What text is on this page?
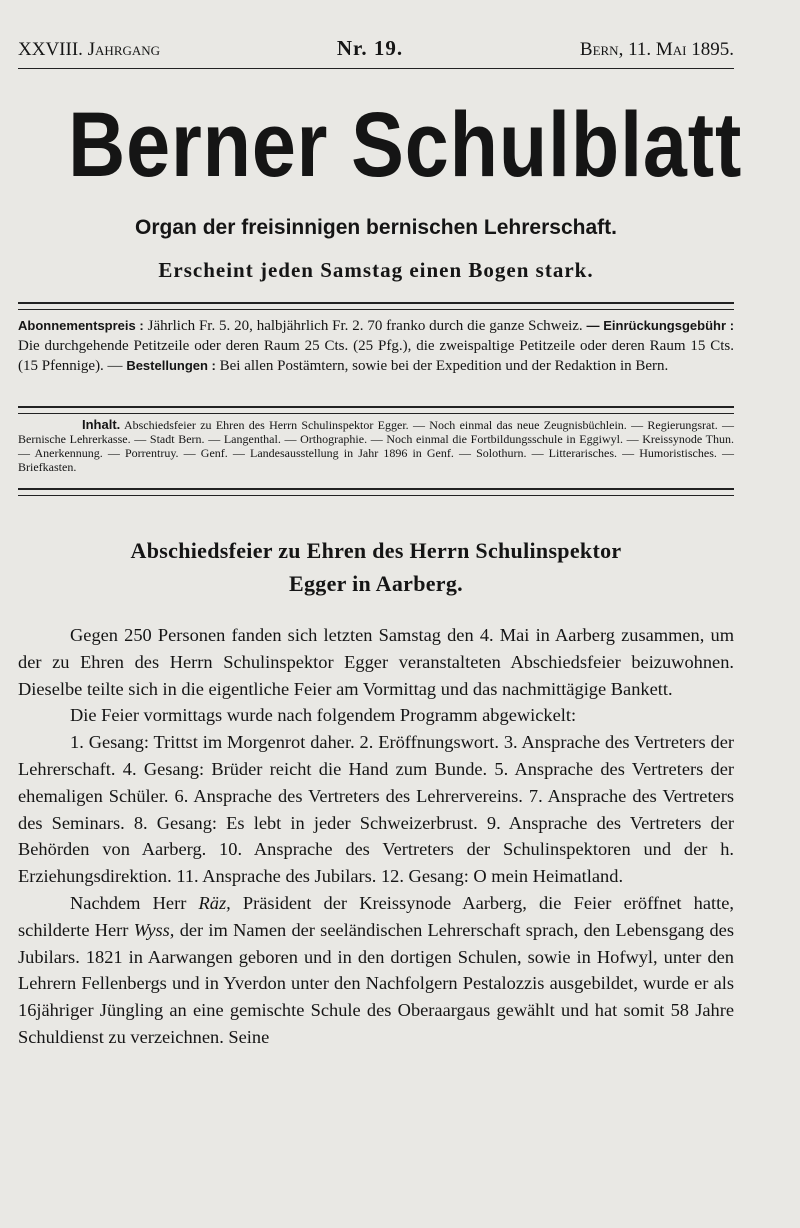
XXVIII. Jahrgang	Nr. 19.	Bern, 11. Mai 1895.
Berner Schulblatt
Organ der freisinnigen bernischen Lehrerschaft.
Erscheint jeden Samstag einen Bogen stark.
Abonnementspreis : Jährlich Fr. 5. 20, halbjährlich Fr. 2. 70 franko durch die ganze Schweiz. — Einrückungsgebühr : Die durchgehende Petitzeile oder deren Raum 25 Cts. (25 Pfg.), die zweispaltige Petitzeile oder deren Raum 15 Cts. (15 Pfennige). — Bestellungen : Bei allen Postämtern, sowie bei der Expedition und der Redaktion in Bern.
Inhalt. Abschiedsfeier zu Ehren des Herrn Schulinspektor Egger. — Noch einmal das neue Zeugnisbüchlein. — Regierungsrat. — Bernische Lehrerkasse. — Stadt Bern. — Langenthal. — Orthographie. — Noch einmal die Fortbildungsschule in Eggiwyl. — Kreissynode Thun. — Anerkennung. — Porrentruy. — Genf. — Landesausstellung in Jahr 1896 in Genf. — Solothurn. — Litterarisches. — Humoristisches. — Briefkasten.
Abschiedsfeier zu Ehren des Herrn Schulinspektor
Egger in Aarberg.

Gegen 250 Personen fanden sich letzten Samstag den 4. Mai in Aarberg zusammen, um der zu Ehren des Herrn Schulinspektor Egger veranstalteten Abschiedsfeier beizuwohnen. Dieselbe teilte sich in die eigentliche Feier am Vormittag und das nachmittägige Bankett.

Die Feier vormittags wurde nach folgendem Programm abgewickelt:

1. Gesang: Trittst im Morgenrot daher. 2. Eröffnungswort. 3. Ansprache des Vertreters der Lehrerschaft. 4. Gesang: Brüder reicht die Hand zum Bunde. 5. Ansprache des Vertreters der ehemaligen Schüler. 6. Ansprache des Vertreters des Lehrervereins. 7. Ansprache des Vertreters des Seminars. 8. Gesang: Es lebt in jeder Schweizerbrust. 9. Ansprache des Vertreters der Behörden von Aarberg. 10. Ansprache des Vertreters der Schulinspektoren und der h. Erziehungsdirektion. 11. Ansprache des Jubilars. 12. Gesang: O mein Heimatland.

Nachdem Herr Räz, Präsident der Kreissynode Aarberg, die Feier eröffnet hatte, schilderte Herr Wyss, der im Namen der seeländischen Lehrerschaft sprach, den Lebensgang des Jubilars. 1821 in Aarwangen geboren und in den dortigen Schulen, sowie in Hofwyl, unter den Lehrern Fellenbergs und in Yverdon unter den Nachfolgern Pestalozzis ausgebildet, wurde er als 16jähriger Jüngling an eine gemischte Schule des Oberaargaus gewählt und hat somit 58 Jahre Schuldienst zu verzeichnen. Seine
